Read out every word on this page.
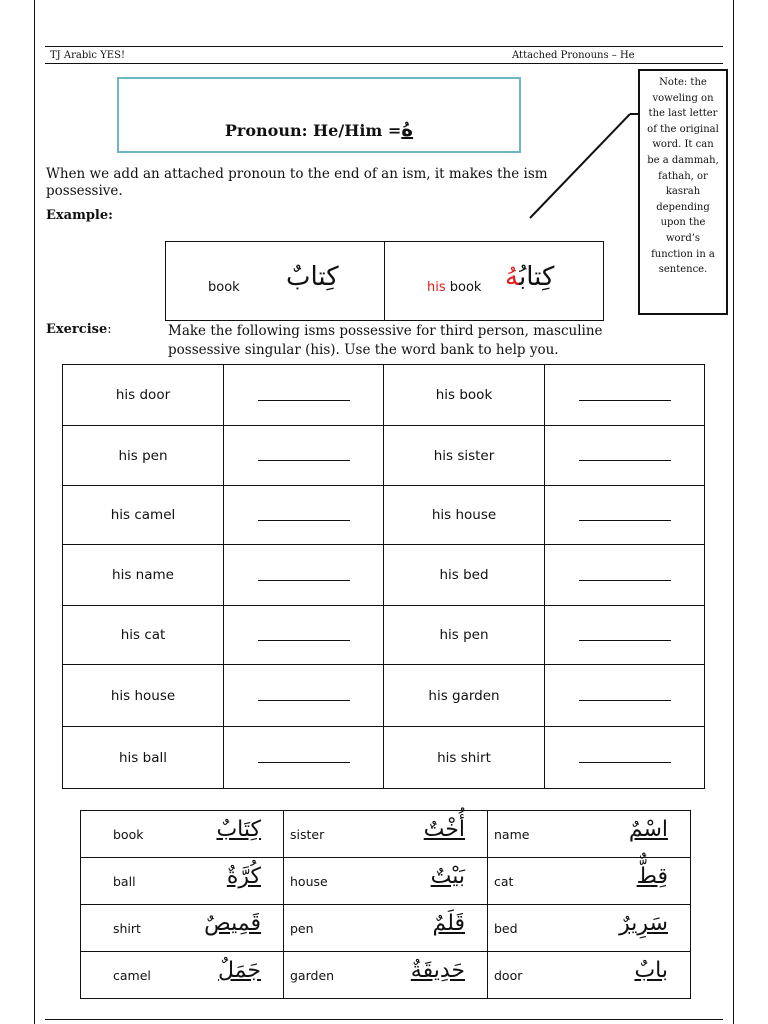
TJ Arabic YES!	Attached Pronouns – He
Pronoun: He/Him =هُ
Note: the voweling on the last letter of the original word. It can be a dammah, fathah, or kasrah depending upon the word’s function in a sentence.
When we add an attached pronoun to the end of an ism, it makes the ism possessive.
Example:
book كِتابٌ	his book	كِتابُهُ
Exercise:	Make the following isms possessive for third person, masculine possessive singular (his). Use the word bank to help you.
his door		his book	
his pen		his sister	
his camel		his house	
his name		his bed	
his cat		his pen	
his house		his garden	
his ball		his shirt	
book كِتَابٌ	sister أُخْتٌ	name اسْمٌ

ball كُرَّةٌ	house بَيْتٌ	cat قِطٌّ

shirt قَمِيصٌ	pen قَلَمٌ	bed سَرِيرٌ

camel جَمَلٌ	garden حَدِيقَةٌ	door بابٌ
